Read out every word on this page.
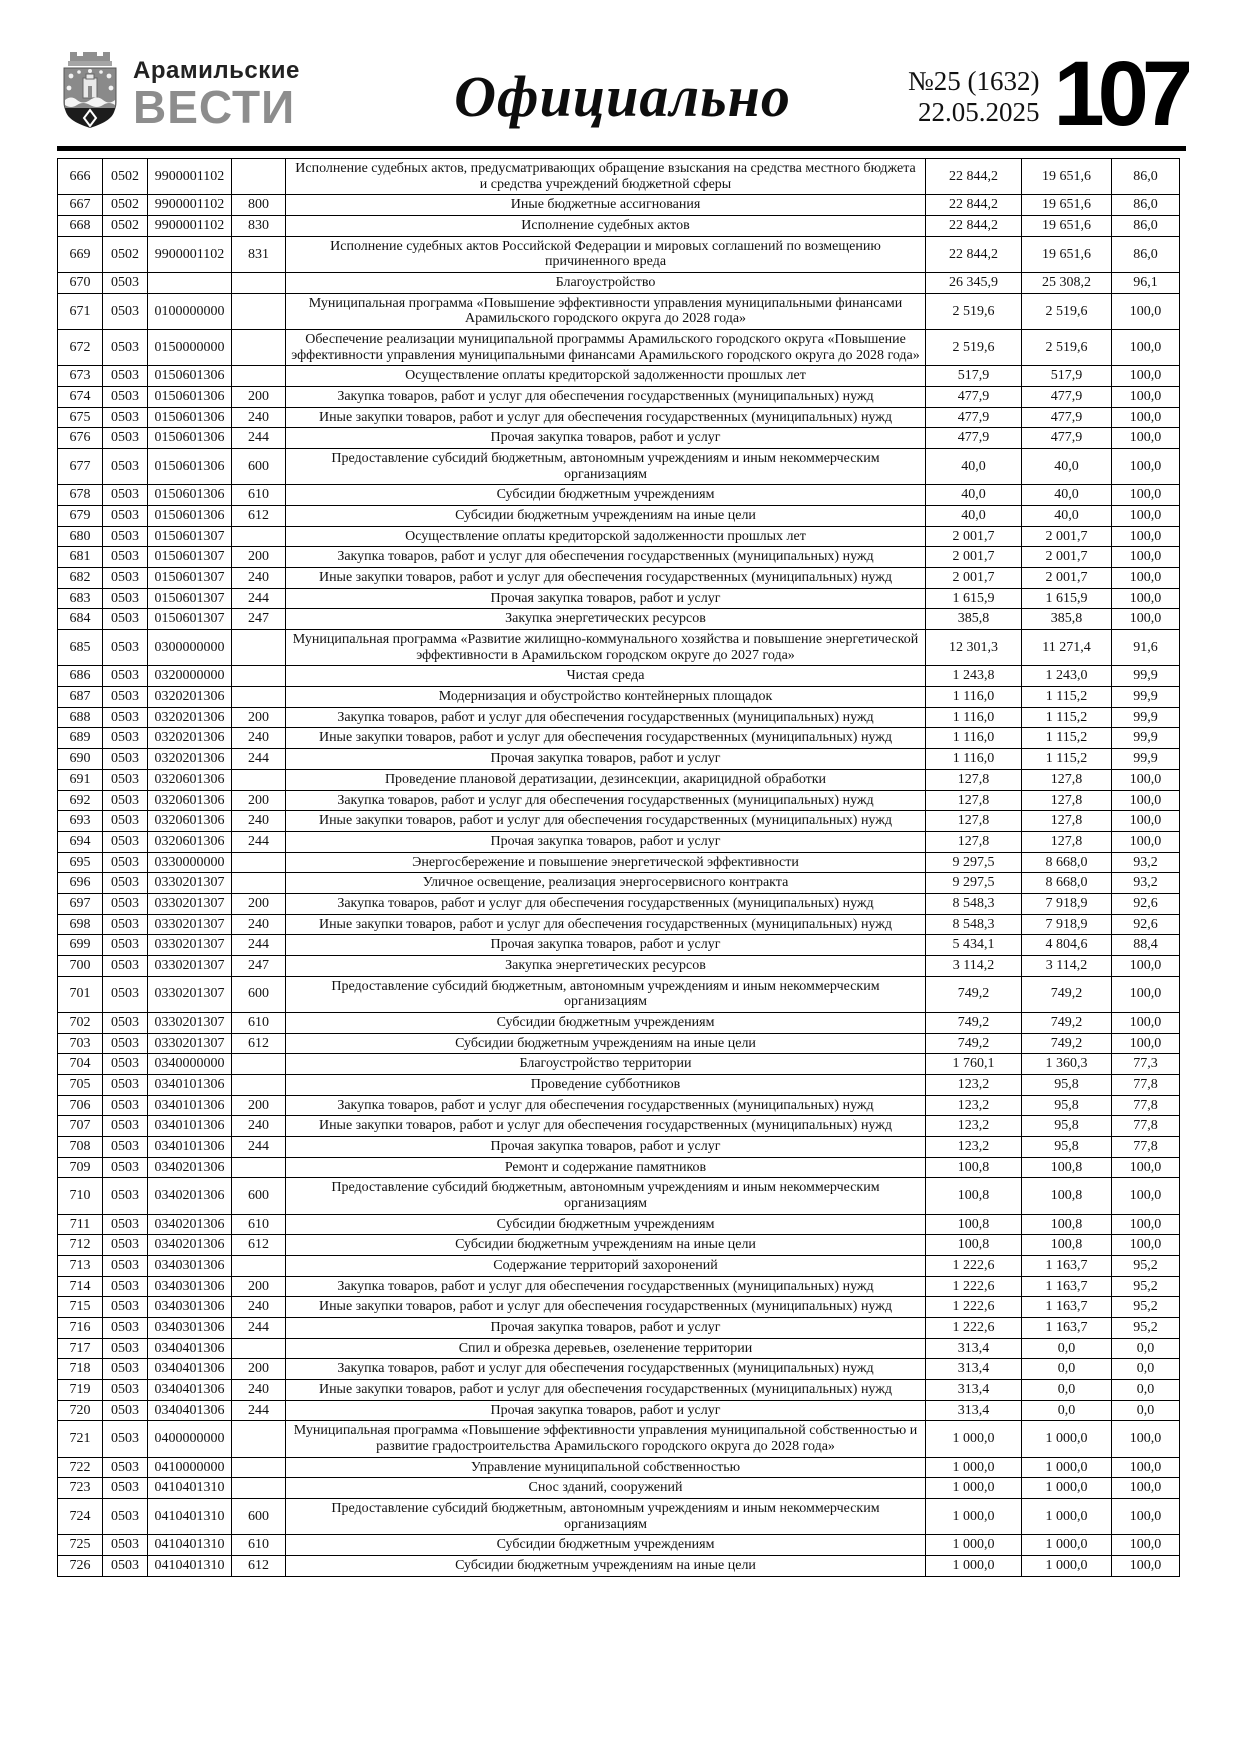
Арамильские
ВЕСТИ	Официально	№25 (1632)
22.05.2025 107
666	0502	9900001102		Исполнение судебных актов, предусматривающих обращение взыскания на средства местного бюджета и средства учреждений бюджетной сферы	22 844,2	19 651,6	86,0
667	0502	9900001102	800	Иные бюджетные ассигнования	22 844,2	19 651,6	86,0
668	0502	9900001102	830	Исполнение судебных актов	22 844,2	19 651,6	86,0
669	0502	9900001102	831	Исполнение судебных актов Российской Федерации и мировых соглашений по возмещению причиненного вреда	22 844,2	19 651,6	86,0
670	0503			Благоустройство	26 345,9	25 308,2	96,1
671	0503	0100000000		Муниципальная программа «Повышение эффективности управления муниципальными финансами Арамильского городского округа до 2028 года»	2 519,6	2 519,6	100,0
672	0503	0150000000		Обеспечение реализации муниципальной программы Арамильского городского округа «Повышение эффективности управления муниципальными финансами Арамильского городского округа до 2028 года»	2 519,6	2 519,6	100,0
673	0503	0150601306		Осуществление оплаты кредиторской задолженности прошлых лет	517,9	517,9	100,0
674	0503	0150601306	200	Закупка товаров, работ и услуг для обеспечения государственных (муниципальных) нужд	477,9	477,9	100,0
675	0503	0150601306	240	Иные закупки товаров, работ и услуг для обеспечения государственных (муниципальных) нужд	477,9	477,9	100,0
676	0503	0150601306	244	Прочая закупка товаров, работ и услуг	477,9	477,9	100,0
677	0503	0150601306	600	Предоставление субсидий бюджетным, автономным учреждениям и иным некоммерческим организациям	40,0	40,0	100,0
678	0503	0150601306	610	Субсидии бюджетным учреждениям	40,0	40,0	100,0
679	0503	0150601306	612	Субсидии бюджетным учреждениям на иные цели	40,0	40,0	100,0
680	0503	0150601307		Осуществление оплаты кредиторской задолженности прошлых лет	2 001,7	2 001,7	100,0
681	0503	0150601307	200	Закупка товаров, работ и услуг для обеспечения государственных (муниципальных) нужд	2 001,7	2 001,7	100,0
682	0503	0150601307	240	Иные закупки товаров, работ и услуг для обеспечения государственных (муниципальных) нужд	2 001,7	2 001,7	100,0
683	0503	0150601307	244	Прочая закупка товаров, работ и услуг	1 615,9	1 615,9	100,0
684	0503	0150601307	247	Закупка энергетических ресурсов	385,8	385,8	100,0
685	0503	0300000000		Муниципальная программа «Развитие жилищно-коммунального хозяйства и повышение энергетической эффективности в Арамильском городском округе до 2027 года»	12 301,3	11 271,4	91,6
686	0503	0320000000		Чистая среда	1 243,8	1 243,0	99,9
687	0503	0320201306		Модернизация и обустройство контейнерных площадок	1 116,0	1 115,2	99,9
688	0503	0320201306	200	Закупка товаров, работ и услуг для обеспечения государственных (муниципальных) нужд	1 116,0	1 115,2	99,9
689	0503	0320201306	240	Иные закупки товаров, работ и услуг для обеспечения государственных (муниципальных) нужд	1 116,0	1 115,2	99,9
690	0503	0320201306	244	Прочая закупка товаров, работ и услуг	1 116,0	1 115,2	99,9
691	0503	0320601306		Проведение плановой дератизации, дезинсекции, акарицидной обработки	127,8	127,8	100,0
692	0503	0320601306	200	Закупка товаров, работ и услуг для обеспечения государственных (муниципальных) нужд	127,8	127,8	100,0
693	0503	0320601306	240	Иные закупки товаров, работ и услуг для обеспечения государственных (муниципальных) нужд	127,8	127,8	100,0
694	0503	0320601306	244	Прочая закупка товаров, работ и услуг	127,8	127,8	100,0
695	0503	0330000000		Энергосбережение и повышение энергетической эффективности	9 297,5	8 668,0	93,2
696	0503	0330201307		Уличное освещение, реализация энергосервисного контракта	9 297,5	8 668,0	93,2
697	0503	0330201307	200	Закупка товаров, работ и услуг для обеспечения государственных (муниципальных) нужд	8 548,3	7 918,9	92,6
698	0503	0330201307	240	Иные закупки товаров, работ и услуг для обеспечения государственных (муниципальных) нужд	8 548,3	7 918,9	92,6
699	0503	0330201307	244	Прочая закупка товаров, работ и услуг	5 434,1	4 804,6	88,4
700	0503	0330201307	247	Закупка энергетических ресурсов	3 114,2	3 114,2	100,0
701	0503	0330201307	600	Предоставление субсидий бюджетным, автономным учреждениям и иным некоммерческим организациям	749,2	749,2	100,0
702	0503	0330201307	610	Субсидии бюджетным учреждениям	749,2	749,2	100,0
703	0503	0330201307	612	Субсидии бюджетным учреждениям на иные цели	749,2	749,2	100,0
704	0503	0340000000		Благоустройство территории	1 760,1	1 360,3	77,3
705	0503	0340101306		Проведение субботников	123,2	95,8	77,8
706	0503	0340101306	200	Закупка товаров, работ и услуг для обеспечения государственных (муниципальных) нужд	123,2	95,8	77,8
707	0503	0340101306	240	Иные закупки товаров, работ и услуг для обеспечения государственных (муниципальных) нужд	123,2	95,8	77,8
708	0503	0340101306	244	Прочая закупка товаров, работ и услуг	123,2	95,8	77,8
709	0503	0340201306		Ремонт и содержание памятников	100,8	100,8	100,0
710	0503	0340201306	600	Предоставление субсидий бюджетным, автономным учреждениям и иным некоммерческим организациям	100,8	100,8	100,0
711	0503	0340201306	610	Субсидии бюджетным учреждениям	100,8	100,8	100,0
712	0503	0340201306	612	Субсидии бюджетным учреждениям на иные цели	100,8	100,8	100,0
713	0503	0340301306		Содержание территорий захоронений	1 222,6	1 163,7	95,2
714	0503	0340301306	200	Закупка товаров, работ и услуг для обеспечения государственных (муниципальных) нужд	1 222,6	1 163,7	95,2
715	0503	0340301306	240	Иные закупки товаров, работ и услуг для обеспечения государственных (муниципальных) нужд	1 222,6	1 163,7	95,2
716	0503	0340301306	244	Прочая закупка товаров, работ и услуг	1 222,6	1 163,7	95,2
717	0503	0340401306		Спил и обрезка деревьев, озеленение территории	313,4	0,0	0,0
718	0503	0340401306	200	Закупка товаров, работ и услуг для обеспечения государственных (муниципальных) нужд	313,4	0,0	0,0
719	0503	0340401306	240	Иные закупки товаров, работ и услуг для обеспечения государственных (муниципальных) нужд	313,4	0,0	0,0
720	0503	0340401306	244	Прочая закупка товаров, работ и услуг	313,4	0,0	0,0
721	0503	0400000000		Муниципальная программа «Повышение эффективности управления муниципальной собственностью и развитие градостроительства Арамильского городского округа до 2028 года»	1 000,0	1 000,0	100,0
722	0503	0410000000		Управление муниципальной собственностью	1 000,0	1 000,0	100,0
723	0503	0410401310		Снос зданий, сооружений	1 000,0	1 000,0	100,0
724	0503	0410401310	600	Предоставление субсидий бюджетным, автономным учреждениям и иным некоммерческим организациям	1 000,0	1 000,0	100,0
725	0503	0410401310	610	Субсидии бюджетным учреждениям	1 000,0	1 000,0	100,0
726	0503	0410401310	612	Субсидии бюджетным учреждениям на иные цели	1 000,0	1 000,0	100,0
